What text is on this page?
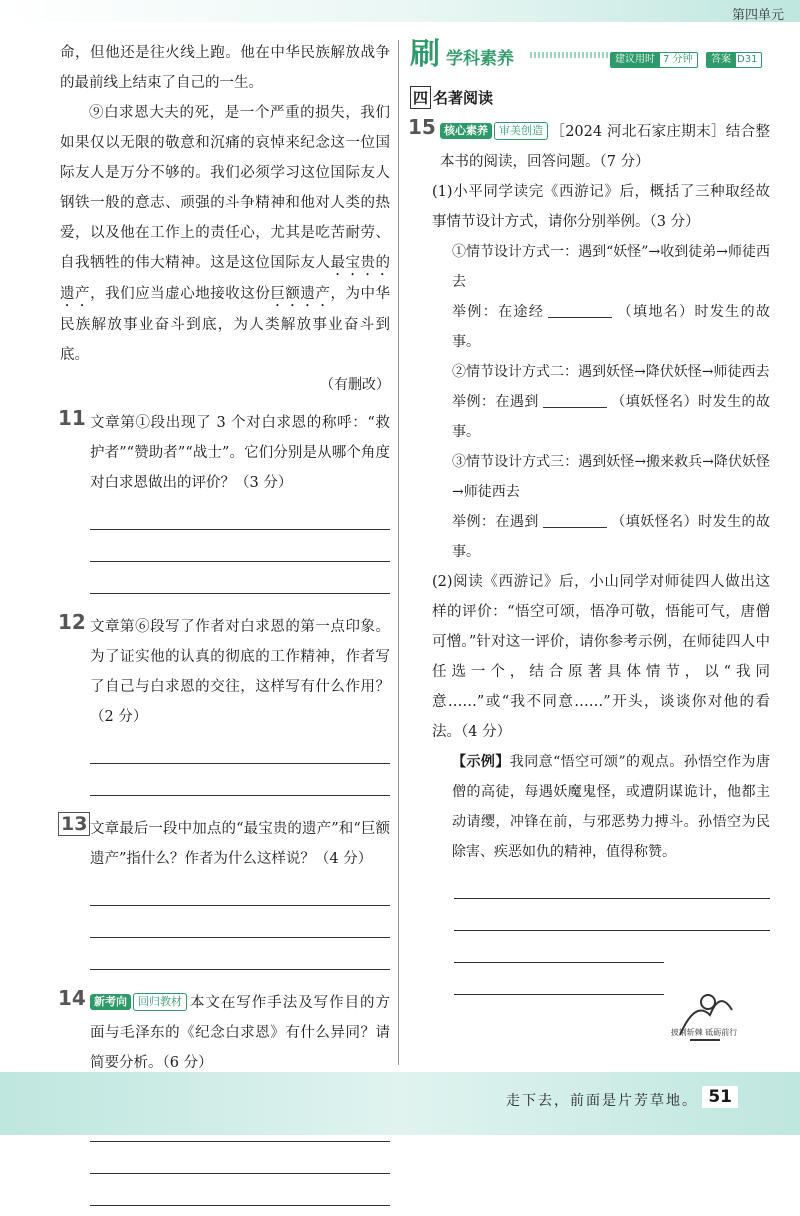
第四单元

命，但他还是往火线上跑。他在中华民族解放战争的最前线上结束了自己的一生。

⑨白求恩大夫的死，是一个严重的损失，我们如果仅以无限的敬意和沉痛的哀悼来纪念这一位国际友人是万分不够的。我们必须学习这位国际友人钢铁一般的意志、顽强的斗争精神和他对人类的热爱，以及他在工作上的责任心，尤其是吃苦耐劳、自我牺牲的伟大精神。这是这位国际友人最宝贵的遗产，我们应当虚心地接收这份巨额遗产，为中华民族解放事业奋斗到底，为人类解放事业奋斗到底。

（有删改）

11 文章第①段出现了 3 个对白求恩的称呼：“救护者”“赞助者”“战士”。它们分别是从哪个角度对白求恩做出的评价？（3 分）

12 文章第⑥段写了作者对白求恩的第一点印象。为了证实他的认真的彻底的工作精神，作者写了自己与白求恩的交往，这样写有什么作用？（2 分）

13 文章最后一段中加点的“最宝贵的遗产”和“巨额遗产”指什么？作者为什么这样说？（4 分）

14 新考向 回归教材 本文在写作手法及写作目的方面与毛泽东的《纪念白求恩》有什么异同？请简要分析。（6 分）

刷 学科素养	建议用时 7 分钟	答案 D31
四 名著阅读
15 核心素养 审美创造 ［2024 河北石家庄期末］结合整本书的阅读，回答问题。（7 分）

(1)小平同学读完《西游记》后，概括了三种取经故事情节设计方式，请你分别举例。（3 分）

①情节设计方式一：遇到“妖怪”→收到徒弟→师徒西去

举例：在途经	（填地名）时发生的故事。

②情节设计方式二：遇到妖怪→降伏妖怪→师徒西去

举例：在遇到	（填妖怪名）时发生的故事。

③情节设计方式三：遇到妖怪→搬来救兵→降伏妖怪→师徒西去

举例：在遇到	（填妖怪名）时发生的故事。

(2)阅读《西游记》后，小山同学对师徒四人做出这样的评价：“悟空可颂，悟净可敬，悟能可气，唐僧可憎。”针对这一评价，请你参考示例，在师徒四人中任选一个，结合原著具体情节，以“我同意……”或“我不同意……”开头，谈谈你对他的看法。（4 分）

【示例】我同意“悟空可颂”的观点。孙悟空作为唐僧的高徒，每遇妖魔鬼怪，或遭阴谋诡计，他都主动请缨，冲锋在前，与邪恶势力搏斗。孙悟空为民除害、疾恶如仇的精神，值得称赞。

披荆斩棘 砥砺前行
走下去，前面是片芳草地。 51
